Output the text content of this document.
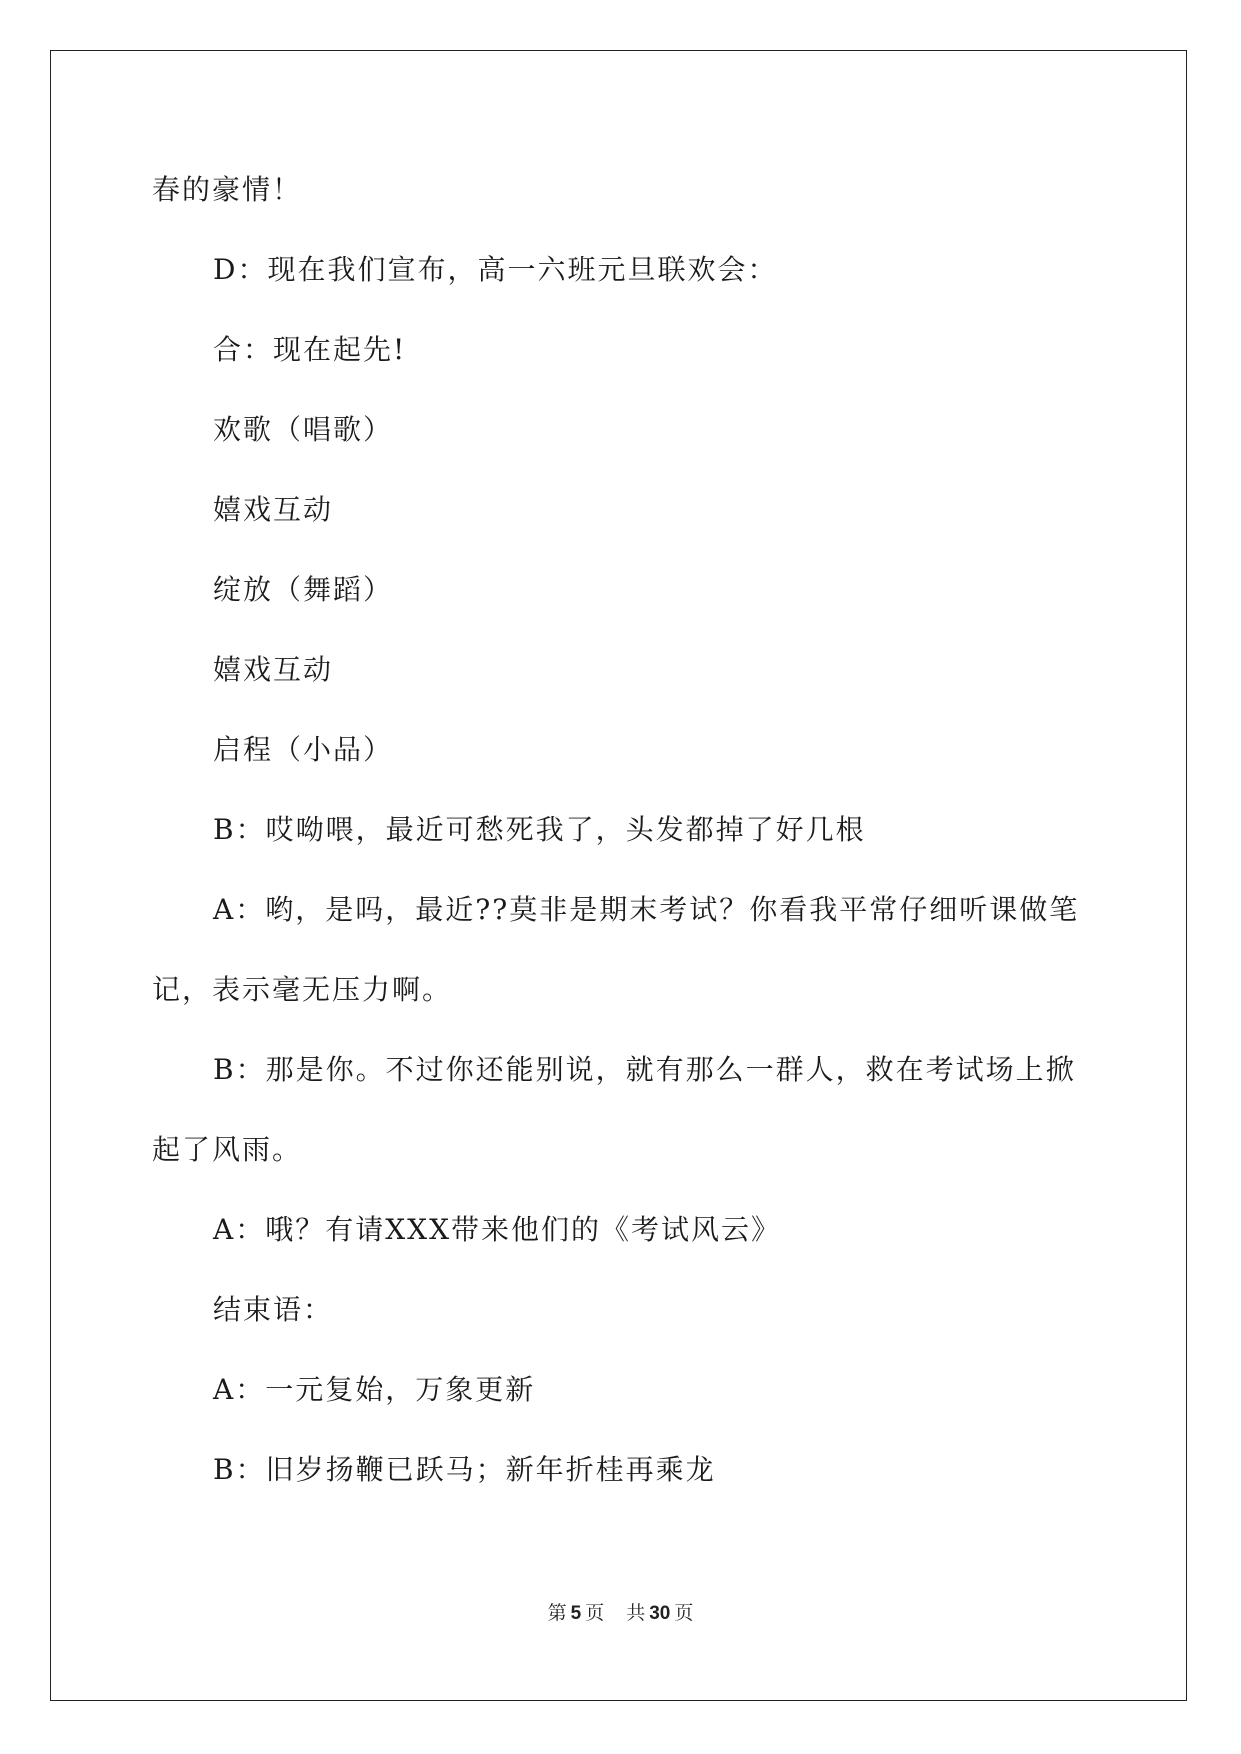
春的豪情！
D：现在我们宣布，高一六班元旦联欢会：
合：现在起先!
欢歌（唱歌）
嬉戏互动
绽放（舞蹈）
嬉戏互动
启程（小品）
B：哎呦喂，最近可愁死我了，头发都掉了好几根
A：哟，是吗，最近??莫非是期末考试？你看我平常仔细听课做笔
记，表示毫无压力啊。
B：那是你。不过你还能别说，就有那么一群人，救在考试场上掀
起了风雨。
A：哦？有请XXX带来他们的《考试风云》
结束语：
A：一元复始，万象更新
B：旧岁扬鞭已跃马；新年折桂再乘龙
第 5 页 共 30 页
